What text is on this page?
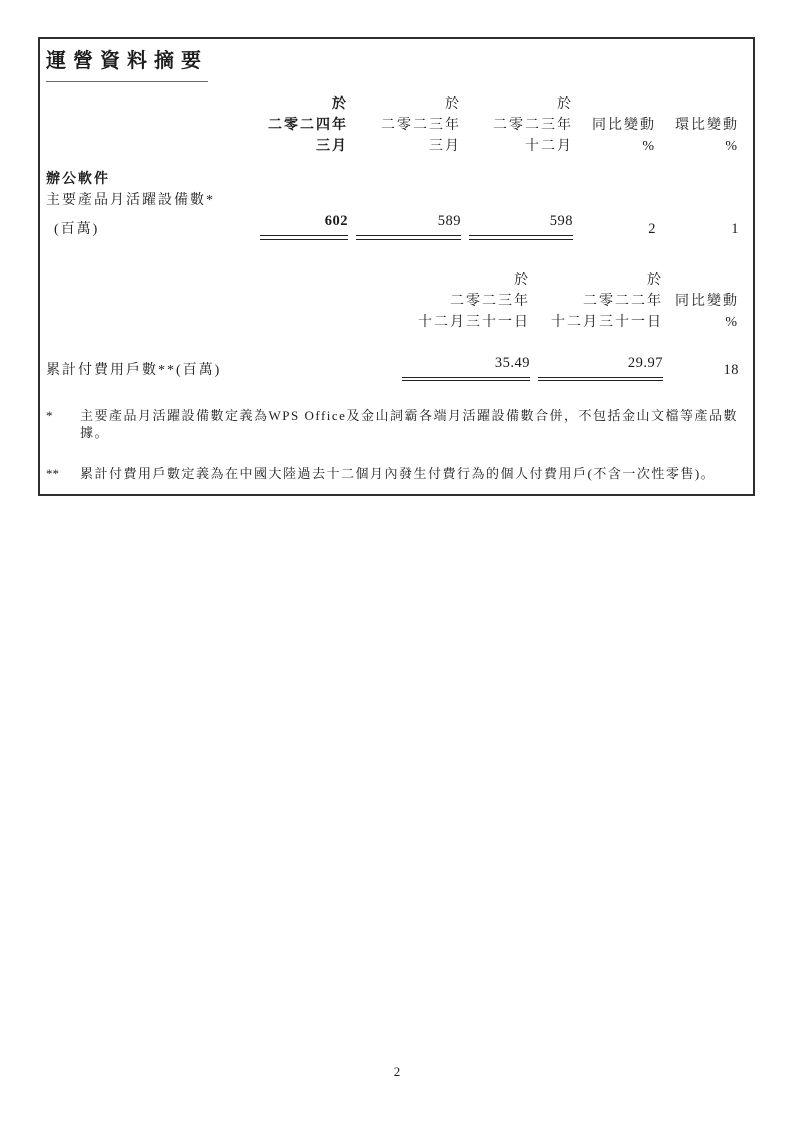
運營資料摘要
	於	於	於		
	二零二四年	二零二三年	二零二三年	同比變動	環比變動
	三月	三月	十二月	%	%
辦公軟件					
主要產品月活躍設備數*					
(百萬)	602	589	598	2	1
	於	於	
	二零二三年	二零二二年	同比變動
	十二月三十一日	十二月三十一日	%
累計付費用戶數**(百萬)	35.49	29.97	18
*	主要產品月活躍設備數定義為WPS Office及金山詞霸各端月活躍設備數合併，不包括金山文檔等產品數據。
**	累計付費用戶數定義為在中國大陸過去十二個月內發生付費行為的個人付費用戶(不含一次性零售)。
2
